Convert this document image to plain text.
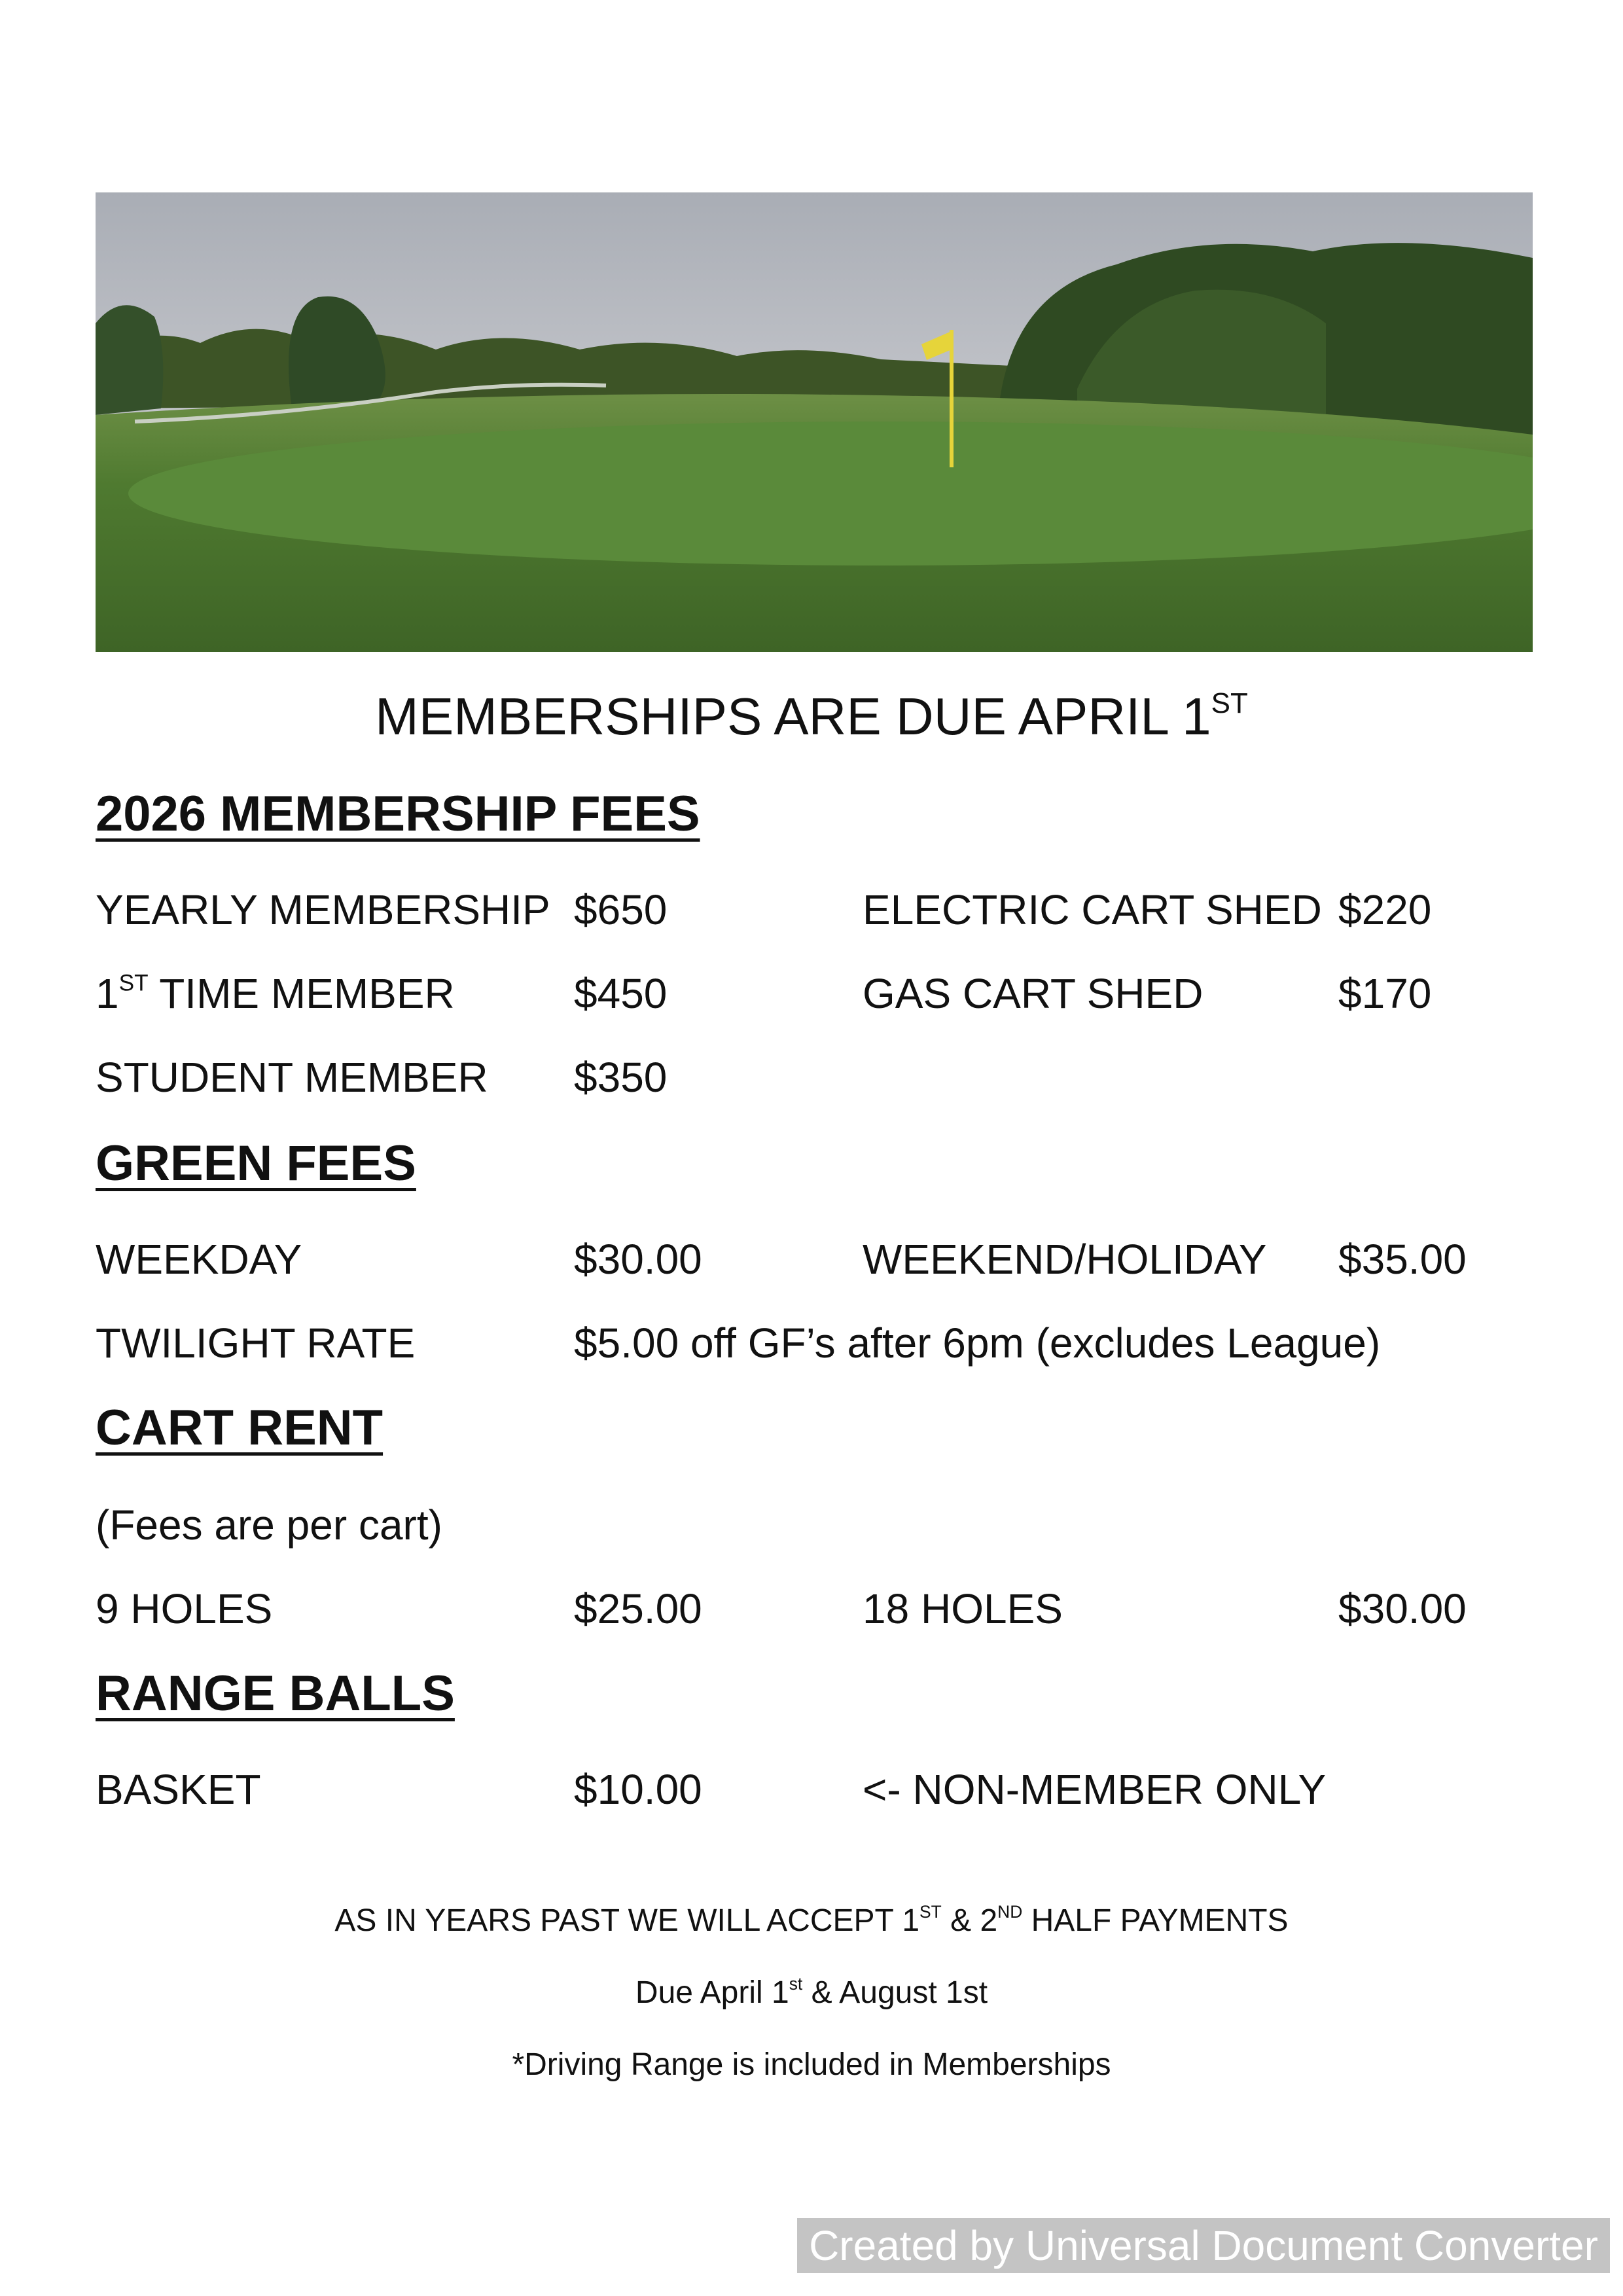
MEMBERSHIPS ARE DUE APRIL 1ST
2026 MEMBERSHIP FEES
YEARLY MEMBERSHIP $650	ELECTRIC CART SHED $220
1ST TIME MEMBER	$450	GAS CART SHED	$170
STUDENT MEMBER $350
GREEN FEES
WEEKDAY	$30.00	WEEKEND/HOLIDAY $35.00
TWILIGHT RATE	$5.00 off GF’s after 6pm (excludes League)
CART RENT
(Fees are per cart)
9 HOLES	$25.00	18 HOLES	$30.00
RANGE BALLS
BASKET	$10.00	<- NON-MEMBER ONLY
AS IN YEARS PAST WE WILL ACCEPT 1ST & 2ND HALF PAYMENTS
Due April 1st & August 1st
*Driving Range is included in Memberships
Created by Universal Document Converter
